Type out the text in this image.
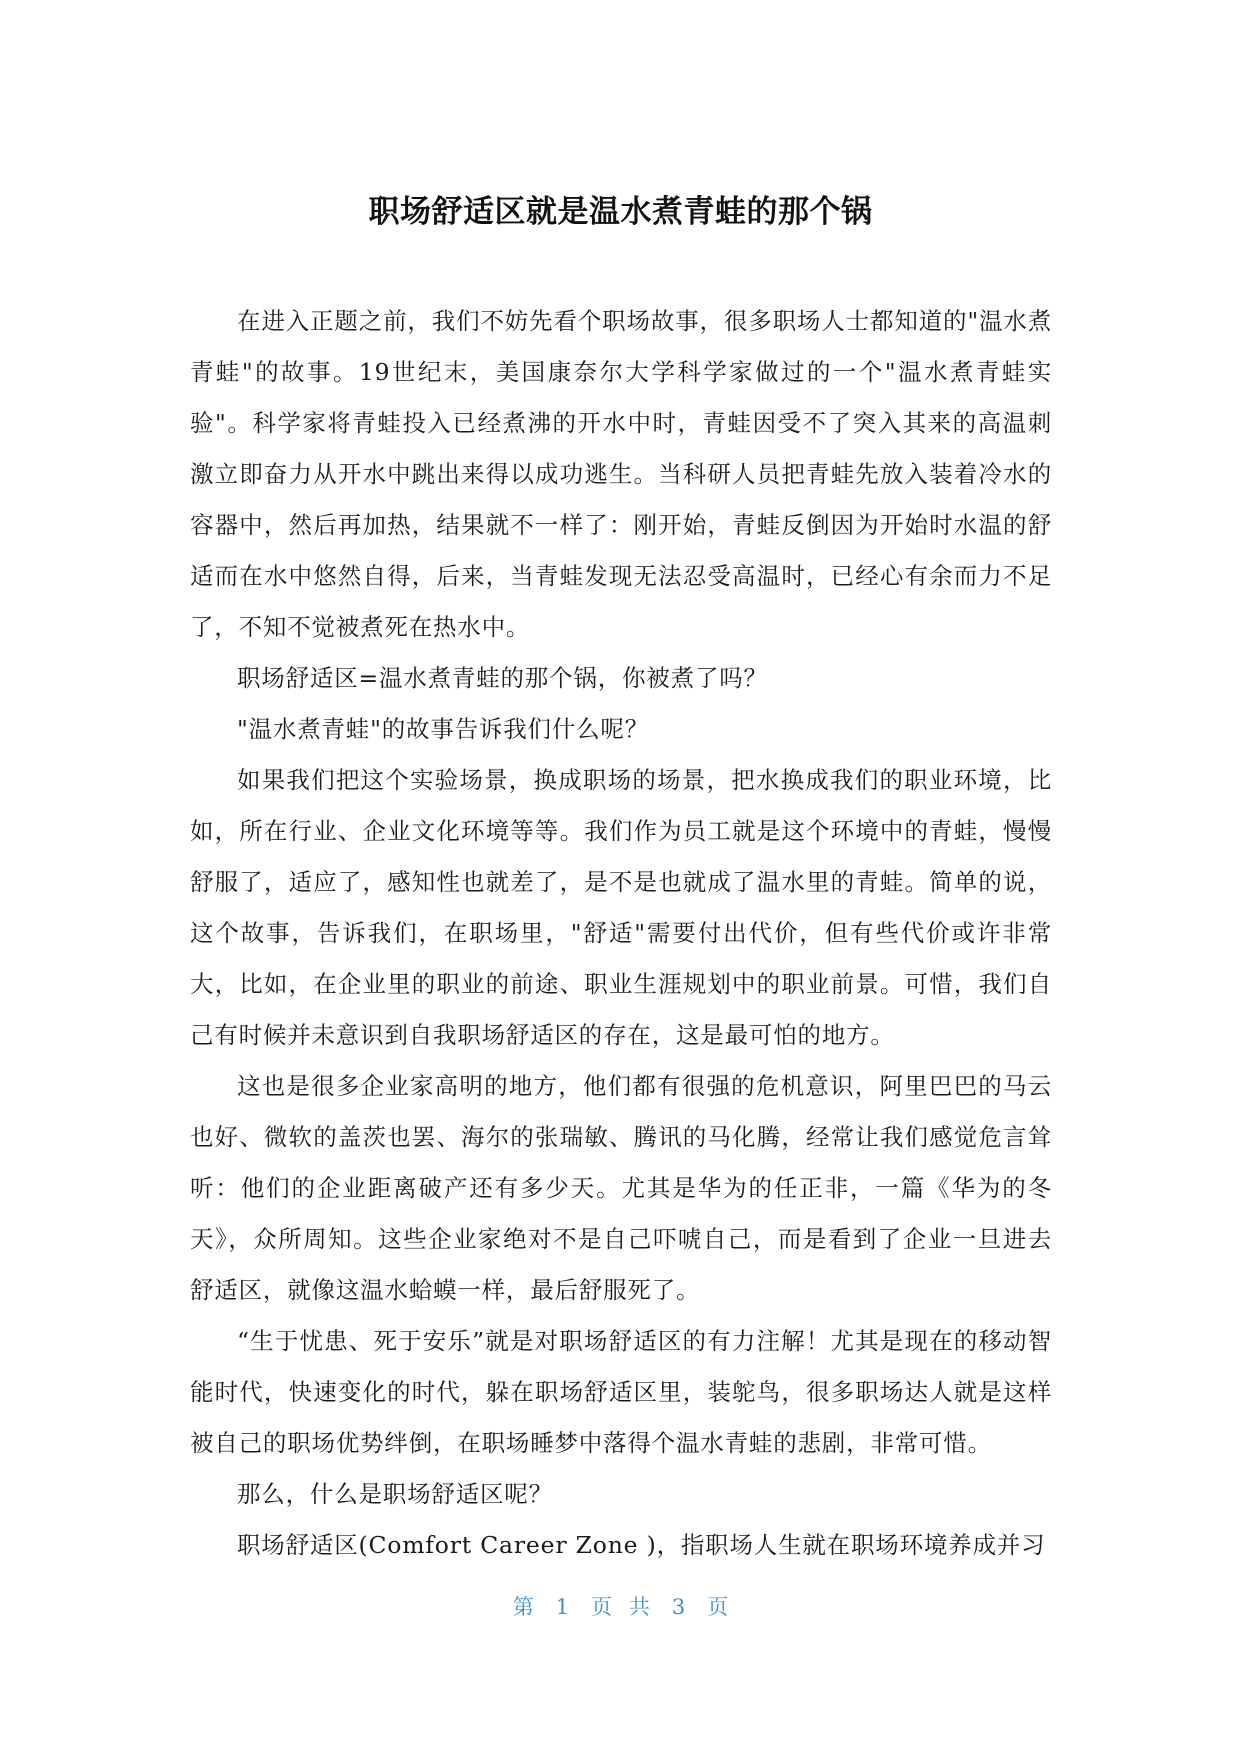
职场舒适区就是温水煮青蛙的那个锅

在进入正题之前，我们不妨先看个职场故事，很多职场人士都知道的"温水煮青蛙"的故事。19世纪末，美国康奈尔大学科学家做过的一个"温水煮青蛙实验"。科学家将青蛙投入已经煮沸的开水中时，青蛙因受不了突入其来的高温刺激立即奋力从开水中跳出来得以成功逃生。当科研人员把青蛙先放入装着冷水的容器中，然后再加热，结果就不一样了：刚开始，青蛙反倒因为开始时水温的舒适而在水中悠然自得，后来，当青蛙发现无法忍受高温时，已经心有余而力不足了，不知不觉被煮死在热水中。

职场舒适区=温水煮青蛙的那个锅，你被煮了吗？

"温水煮青蛙"的故事告诉我们什么呢？

如果我们把这个实验场景，换成职场的场景，把水换成我们的职业环境，比如，所在行业、企业文化环境等等。我们作为员工就是这个环境中的青蛙，慢慢舒服了，适应了，感知性也就差了，是不是也就成了温水里的青蛙。简单的说，这个故事，告诉我们，在职场里，"舒适"需要付出代价，但有些代价或许非常大，比如，在企业里的职业的前途、职业生涯规划中的职业前景。可惜，我们自己有时候并未意识到自我职场舒适区的存在，这是最可怕的地方。

这也是很多企业家高明的地方，他们都有很强的危机意识，阿里巴巴的马云也好、微软的盖茨也罢、海尔的张瑞敏、腾讯的马化腾，经常让我们感觉危言耸听：他们的企业距离破产还有多少天。尤其是华为的任正非，一篇《华为的冬天》，众所周知。这些企业家绝对不是自己吓唬自己，而是看到了企业一旦进去舒适区，就像这温水蛤蟆一样，最后舒服死了。

“生于忧患、死于安乐”就是对职场舒适区的有力注解！尤其是现在的移动智能时代，快速变化的时代，躲在职场舒适区里，装鸵鸟，很多职场达人就是这样被自己的职场优势绊倒，在职场睡梦中落得个温水青蛙的悲剧，非常可惜。

那么，什么是职场舒适区呢？

职场舒适区(Comfort Career Zone )，指职场人生就在职场环境养成并习

第 1 页 共 3 页
